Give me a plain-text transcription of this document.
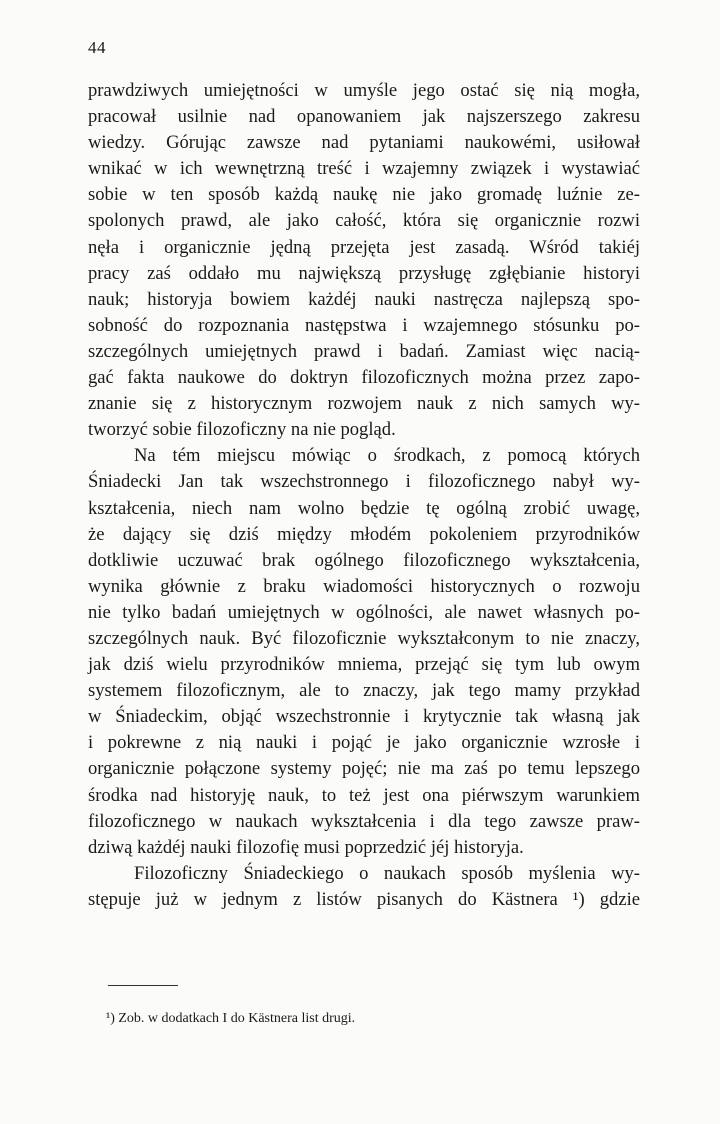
44
prawdziwych umiejętności w umyśle jego ostać się nią mogła,
pracował usilnie nad opanowaniem jak najszerszego zakresu
wiedzy. Górując zawsze nad pytaniami naukowémi, usiłował
wnikać w ich wewnętrzną treść i wzajemny związek i wystawiać
sobie w ten sposób każdą naukę nie jako gromadę luźnie ze-
spolonych prawd, ale jako całość, która się organicznie rozwi
nęła i organicznie jędną przejęta jest zasadą. Wśród takiéj
pracy zaś oddało mu największą przysługę zgłębianie historyi
nauk; historyja bowiem każdéj nauki nastręcza najlepszą spo-
sobność do rozpoznania następstwa i wzajemnego stósunku po-
szczególnych umiejętnych prawd i badań. Zamiast więc nacią-
gać fakta naukowe do doktryn filozoficznych można przez zapo-
znanie się z historycznym rozwojem nauk z nich samych wy-
tworzyć sobie filozoficzny na nie pogląd.
Na tém miejscu mówiąc o środkach, z pomocą których
Śniadecki Jan tak wszechstronnego i filozoficznego nabył wy-
kształcenia, niech nam wolno będzie tę ogólną zrobić uwagę,
że dający się dziś między młodém pokoleniem przyrodników
dotkliwie uczuwać brak ogólnego filozoficznego wykształcenia,
wynika głównie z braku wiadomości historycznych o rozwoju
nie tylko badań umiejętnych w ogólności, ale nawet własnych po-
szczególnych nauk. Być filozoficznie wykształconym to nie znaczy,
jak dziś wielu przyrodników mniema, przejąć się tym lub owym
systemem filozoficznym, ale to znaczy, jak tego mamy przykład
w Śniadeckim, objąć wszechstronnie i krytycznie tak własną jak
i pokrewne z nią nauki i pojąć je jako organicznie wzrosłe i
organicznie połączone systemy pojęć; nie ma zaś po temu lepszego
środka nad historyję nauk, to też jest ona piérwszym warunkiem
filozoficznego w naukach wykształcenia i dla tego zawsze praw-
dziwą każdéj nauki filozofię musi poprzedzić jéj historyja.
Filozoficzny Śniadeckiego o naukach sposób myślenia wy-
stępuje już w jednym z listów pisanych do Kästnera ¹) gdzie
¹) Zob. w dodatkach I do Kästnera list drugi.
